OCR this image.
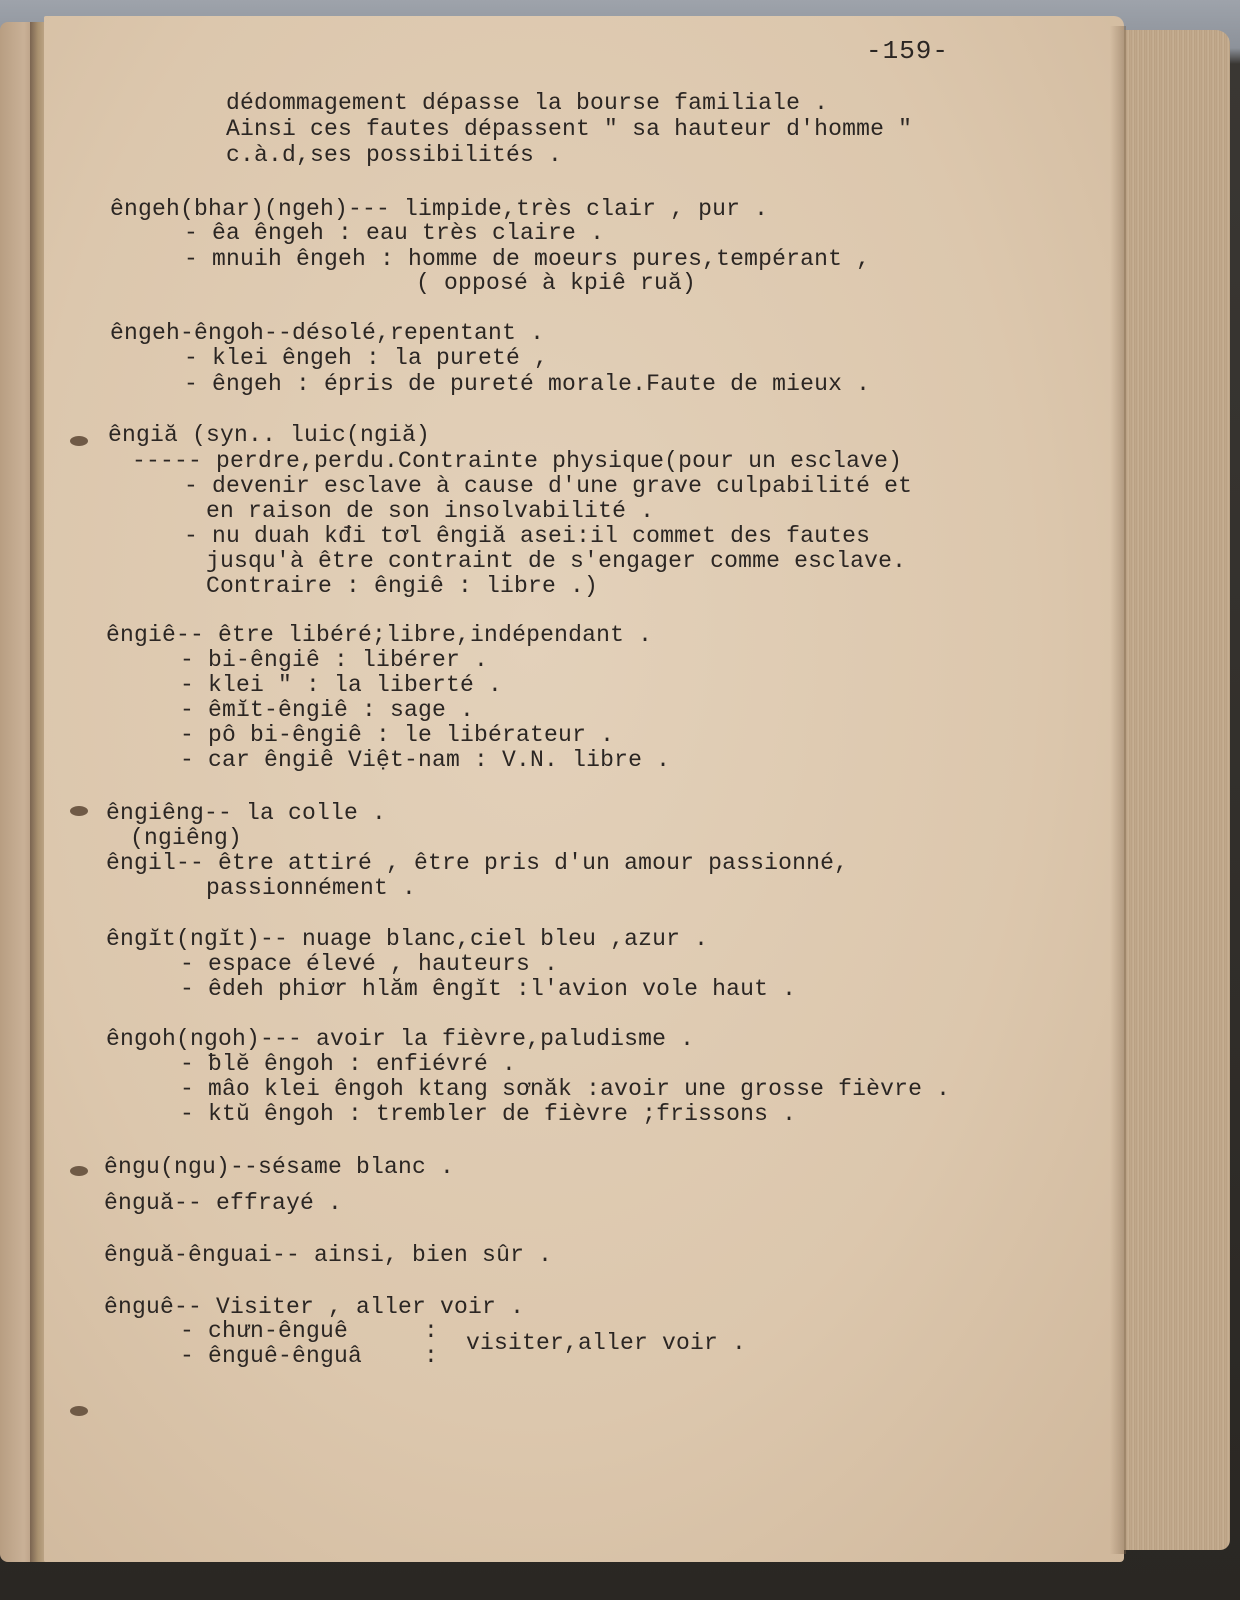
-159-
dédommagement dépasse la bourse familiale .
Ainsi ces fautes dépassent " sa hauteur d'homme "
c.à.d,ses possibilités .
êngeh(bhar)(ngeh)--- limpide,très clair , pur .
- êa êngeh : eau très claire .
- mnuih êngeh : homme de moeurs pures,tempérant ,
( opposé à kpiê ruă)
êngeh-êngoh--désolé,repentant .
- klei êngeh : la pureté ,
- êngeh : épris de pureté morale.Faute de mieux .
êngiă (syn.. luic(ngiă)
----- perdre,perdu.Contrainte physique(pour un esclave)
- devenir esclave à cause d'une grave culpabilité et
en raison de son insolvabilité .
- nu duah kđi tơl êngiă asei:il commet des fautes
jusqu'à être contraint de s'engager comme esclave.
Contraire : êngiê : libre .)
êngiê-- être libéré;libre,indépendant .
- bi-êngiê : libérer .
- klei " : la liberté .
- êmĭt-êngiê : sage .
- pô bi-êngiê : le libérateur .
- car êngiê Việt-nam : V.N. libre .
êngiêng-- la colle .
(ngiêng)
êngil-- être attiré , être pris d'un amour passionné,
passionnément .
êngĭt(ngĭt)-- nuage blanc,ciel bleu ,azur .
- espace élevé , hauteurs .
- êdeh phiơr hlăm êngĭt :l'avion vole haut .
êngoh(ngoh)--- avoir la fièvre,paludisme .
- ƀlĕ êngoh : enfiévré .
- mâo klei êngoh ktang sơnăk :avoir une grosse fièvre .
- ktŭ êngoh : trembler de fièvre ;frissons .
êngu(ngu)--sésame blanc .
ênguă-- effrayé .
ênguă-ênguai-- ainsi, bien sûr .
ênguê-- Visiter , aller voir .
- chưn-ênguê	: visiter,aller voir .
- ênguê-ênguâ	:
